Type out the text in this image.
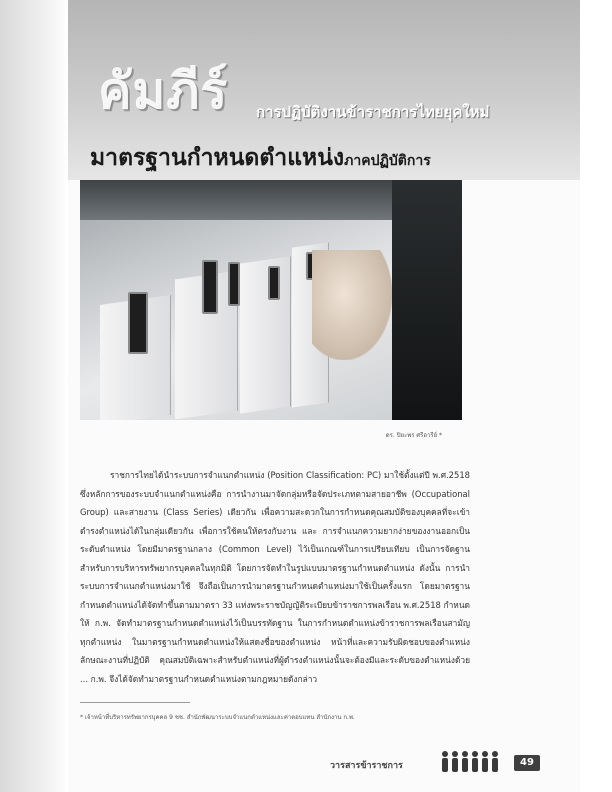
คัมภีร์ การปฏิบัติงานข้าราชการไทยยุคใหม่
มาตรฐานกำหนดตำแหน่งภาคปฏิบัติการ
ดร. ปิยะพร ศรีอารีย์ *
ราชการไทยได้นำระบบการจำแนกตำแหน่ง (Position Classification: PC) มาใช้ตั้งแต่ปี พ.ศ.2518 ซึ่งหลักการของระบบจำแนกตำแหน่งคือ การนำงานมาจัดกลุ่มหรือจัดประเภทตามสายอาชีพ (Occupational Group) และสายงาน (Class Series) เดียวกัน เพื่อความสะดวกในการกำหนดคุณสมบัติของบุคคลที่จะเข้าดำรงตำแหน่งได้ในกลุ่มเดียวกัน เพื่อการใช้คนให้ตรงกับงาน และ การจำแนกความยากง่ายของงานออกเป็นระดับตำแหน่ง โดยมีมาตรฐานกลาง (Common Level) ไว้เป็นเกณฑ์ในการเปรียบเทียบ เป็นการจัดฐานสำหรับการบริหารทรัพยากรบุคคลในทุกมิติ โดยการจัดทำในรูปแบบมาตรฐานกำหนดตำแหน่ง ดังนั้น การนำระบบการจำแนกตำแหน่งมาใช้ จึงถือเป็นการนำมาตรฐานกำหนดตำแหน่งมาใช้เป็นครั้งแรก โดยมาตรฐานกำหนดตำแหน่งได้จัดทำขึ้นตามมาตรา 33 แห่งพระราชบัญญัติระเบียบข้าราชการพลเรือน พ.ศ.2518 กำหนดให้ ก.พ. จัดทำมาตรฐานกำหนดตำแหน่งไว้เป็นบรรทัดฐาน ในการกำหนดตำแหน่งข้าราชการพลเรือนสามัญทุกตำแหน่ง ในมาตรฐานกำหนดตำแหน่งให้แสดงชื่อของตำแหน่ง หน้าที่และความรับผิดชอบของตำแหน่ง ลักษณะงานที่ปฏิบัติ คุณสมบัติเฉพาะสำหรับตำแหน่งที่ผู้ดำรงตำแหน่งนั้นจะต้องมีและระดับของตำแหน่งด้วย ... ก.พ. จึงได้จัดทำมาตรฐานกำหนดตำแหน่งตามกฎหมายดังกล่าว
* เจ้าหน้าที่บริหารทรัพยากรบุคคล 9 ชช. สำนักพัฒนาระบบจำแนกตำแหน่งและค่าตอบแทน สำนักงาน ก.พ.
วารสารข้าราชการ	49
